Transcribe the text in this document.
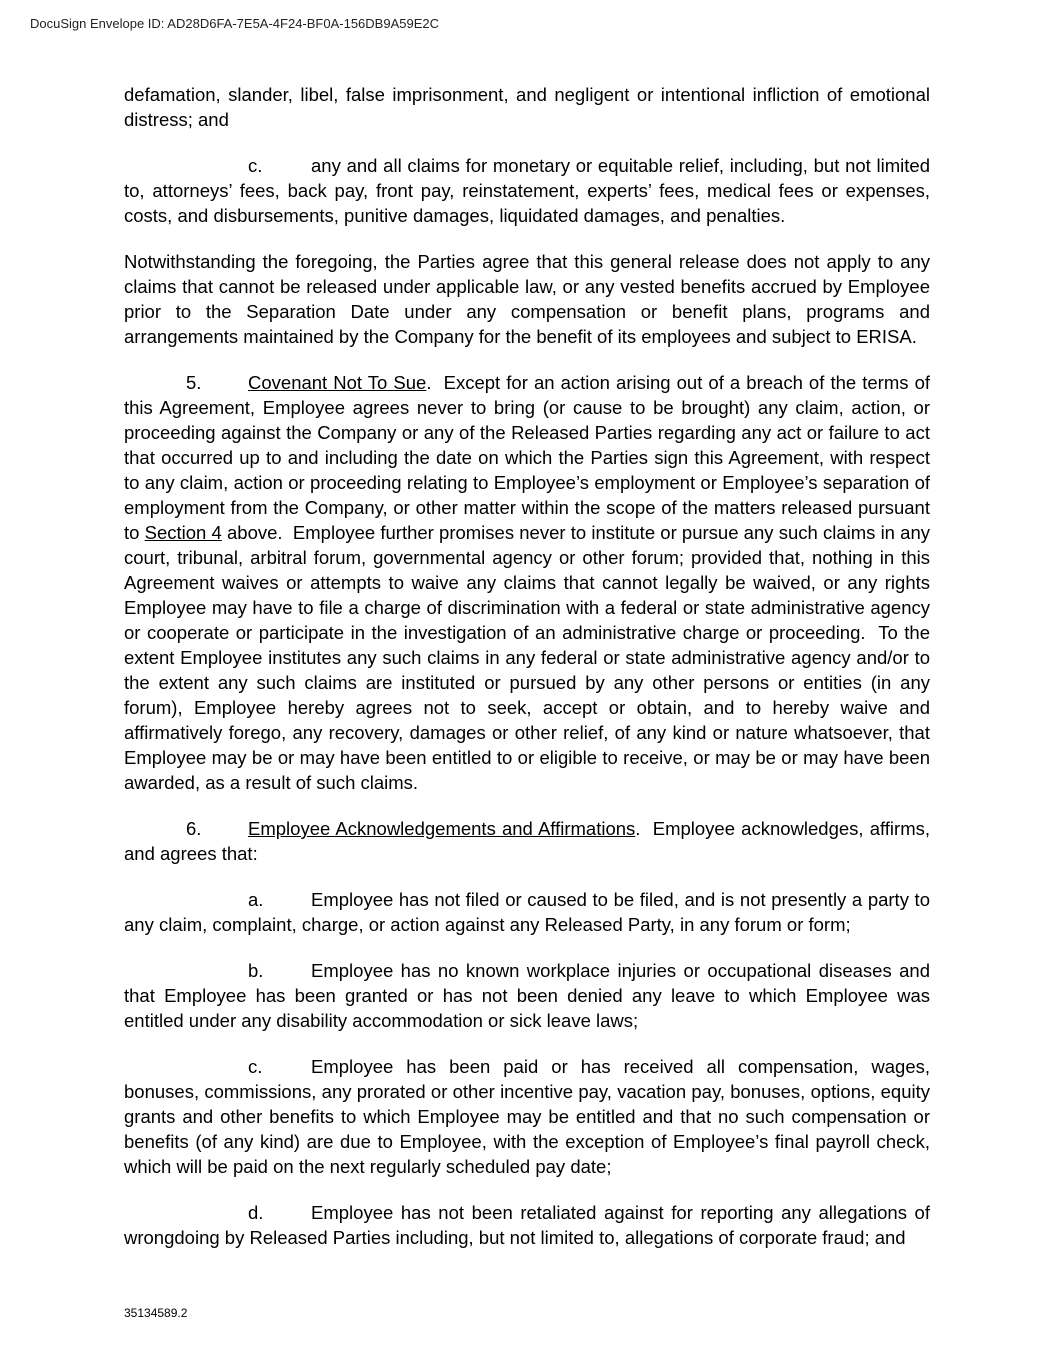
DocuSign Envelope ID: AD28D6FA-7E5A-4F24-BF0A-156DB9A59E2C

defamation, slander, libel, false imprisonment, and negligent or intentional infliction of emotional distress; and

c.	any and all claims for monetary or equitable relief, including, but not limited to, attorneys’ fees, back pay, front pay, reinstatement, experts’ fees, medical fees or expenses, costs, and disbursements, punitive damages, liquidated damages, and penalties.

Notwithstanding the foregoing, the Parties agree that this general release does not apply to any claims that cannot be released under applicable law, or any vested benefits accrued by Employee prior to the Separation Date under any compensation or benefit plans, programs and arrangements maintained by the Company for the benefit of its employees and subject to ERISA.

5.	Covenant Not To Sue.  Except for an action arising out of a breach of the terms of this Agreement, Employee agrees never to bring (or cause to be brought) any claim, action, or proceeding against the Company or any of the Released Parties regarding any act or failure to act that occurred up to and including the date on which the Parties sign this Agreement, with respect to any claim, action or proceeding relating to Employee’s employment or Employee’s separation of employment from the Company, or other matter within the scope of the matters released pursuant to Section 4 above.  Employee further promises never to institute or pursue any such claims in any court, tribunal, arbitral forum, governmental agency or other forum; provided that, nothing in this Agreement waives or attempts to waive any claims that cannot legally be waived, or any rights Employee may have to file a charge of discrimination with a federal or state administrative agency or cooperate or participate in the investigation of an administrative charge or proceeding.  To the extent Employee institutes any such claims in any federal or state administrative agency and/or to the extent any such claims are instituted or pursued by any other persons or entities (in any forum), Employee hereby agrees not to seek, accept or obtain, and to hereby waive and affirmatively forego, any recovery, damages or other relief, of any kind or nature whatsoever, that Employee may be or may have been entitled to or eligible to receive, or may be or may have been awarded, as a result of such claims.

6.	Employee Acknowledgements and Affirmations.  Employee acknowledges, affirms, and agrees that:

a.	Employee has not filed or caused to be filed, and is not presently a party to any claim, complaint, charge, or action against any Released Party, in any forum or form;

b.	Employee has no known workplace injuries or occupational diseases and that Employee has been granted or has not been denied any leave to which Employee was entitled under any disability accommodation or sick leave laws;

c.	Employee has been paid or has received all compensation, wages, bonuses, commissions, any prorated or other incentive pay, vacation pay, bonuses, options, equity grants and other benefits to which Employee may be entitled and that no such compensation or benefits (of any kind) are due to Employee, with the exception of Employee’s final payroll check, which will be paid on the next regularly scheduled pay date;

d.	Employee has not been retaliated against for reporting any allegations of wrongdoing by Released Parties including, but not limited to, allegations of corporate fraud; and

35134589.2
